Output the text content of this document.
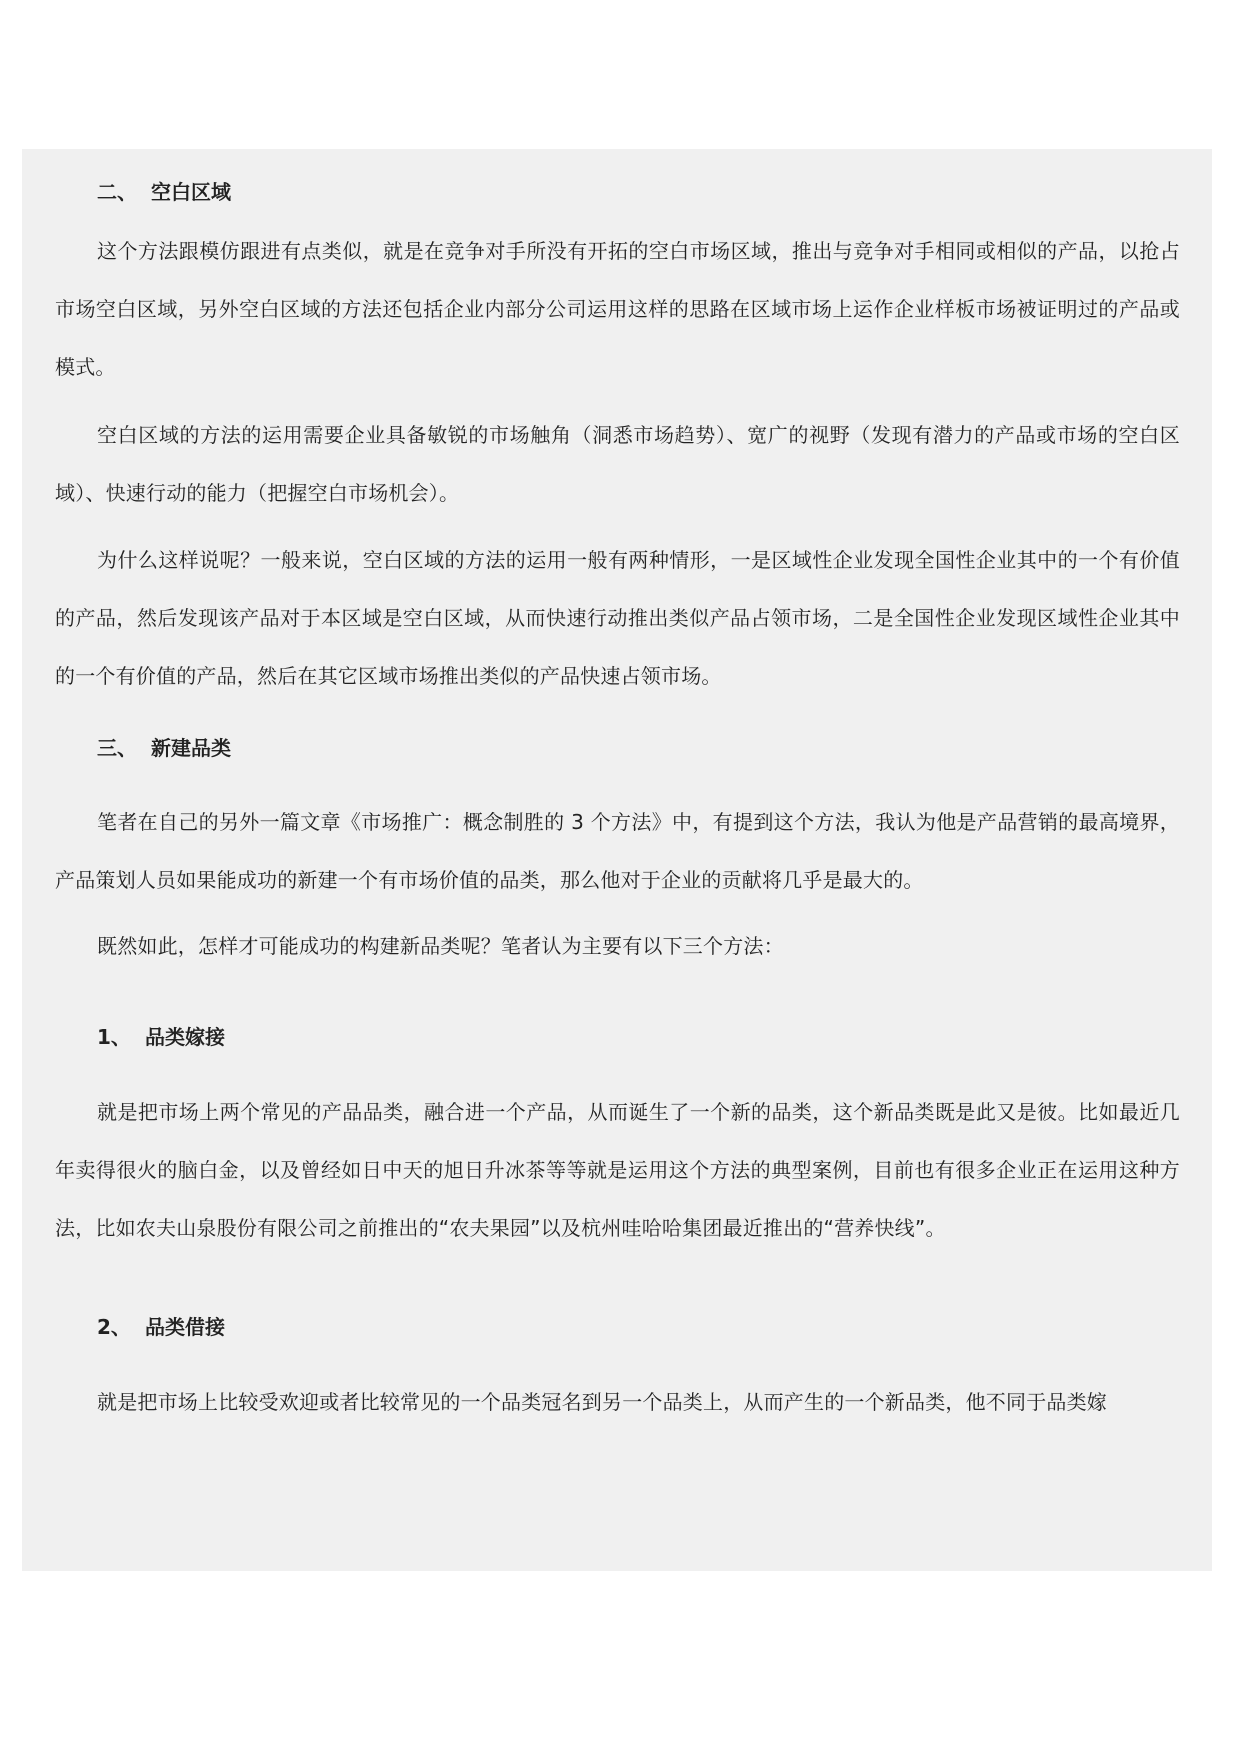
二、 空白区域

这个方法跟模仿跟进有点类似，就是在竞争对手所没有开拓的空白市场区域，推出与竞争对手相同或相似的产品，以抢占市场空白区域，另外空白区域的方法还包括企业内部分公司运用这样的思路在区域市场上运作企业样板市场被证明过的产品或模式。

空白区域的方法的运用需要企业具备敏锐的市场触角（洞悉市场趋势）、宽广的视野（发现有潜力的产品或市场的空白区域）、快速行动的能力（把握空白市场机会）。

为什么这样说呢？一般来说，空白区域的方法的运用一般有两种情形，一是区域性企业发现全国性企业其中的一个有价值的产品，然后发现该产品对于本区域是空白区域，从而快速行动推出类似产品占领市场，二是全国性企业发现区域性企业其中的一个有价值的产品，然后在其它区域市场推出类似的产品快速占领市场。

三、 新建品类

笔者在自己的另外一篇文章《市场推广：概念制胜的 3 个方法》中，有提到这个方法，我认为他是产品营销的最高境界，产品策划人员如果能成功的新建一个有市场价值的品类，那么他对于企业的贡献将几乎是最大的。

既然如此，怎样才可能成功的构建新品类呢？笔者认为主要有以下三个方法：

1、 品类嫁接

就是把市场上两个常见的产品品类，融合进一个产品，从而诞生了一个新的品类，这个新品类既是此又是彼。比如最近几年卖得很火的脑白金，以及曾经如日中天的旭日升冰茶等等就是运用这个方法的典型案例，目前也有很多企业正在运用这种方法，比如农夫山泉股份有限公司之前推出的“农夫果园”以及杭州哇哈哈集团最近推出的“营养快线”。

2、 品类借接

就是把市场上比较受欢迎或者比较常见的一个品类冠名到另一个品类上，从而产生的一个新品类，他不同于品类嫁
